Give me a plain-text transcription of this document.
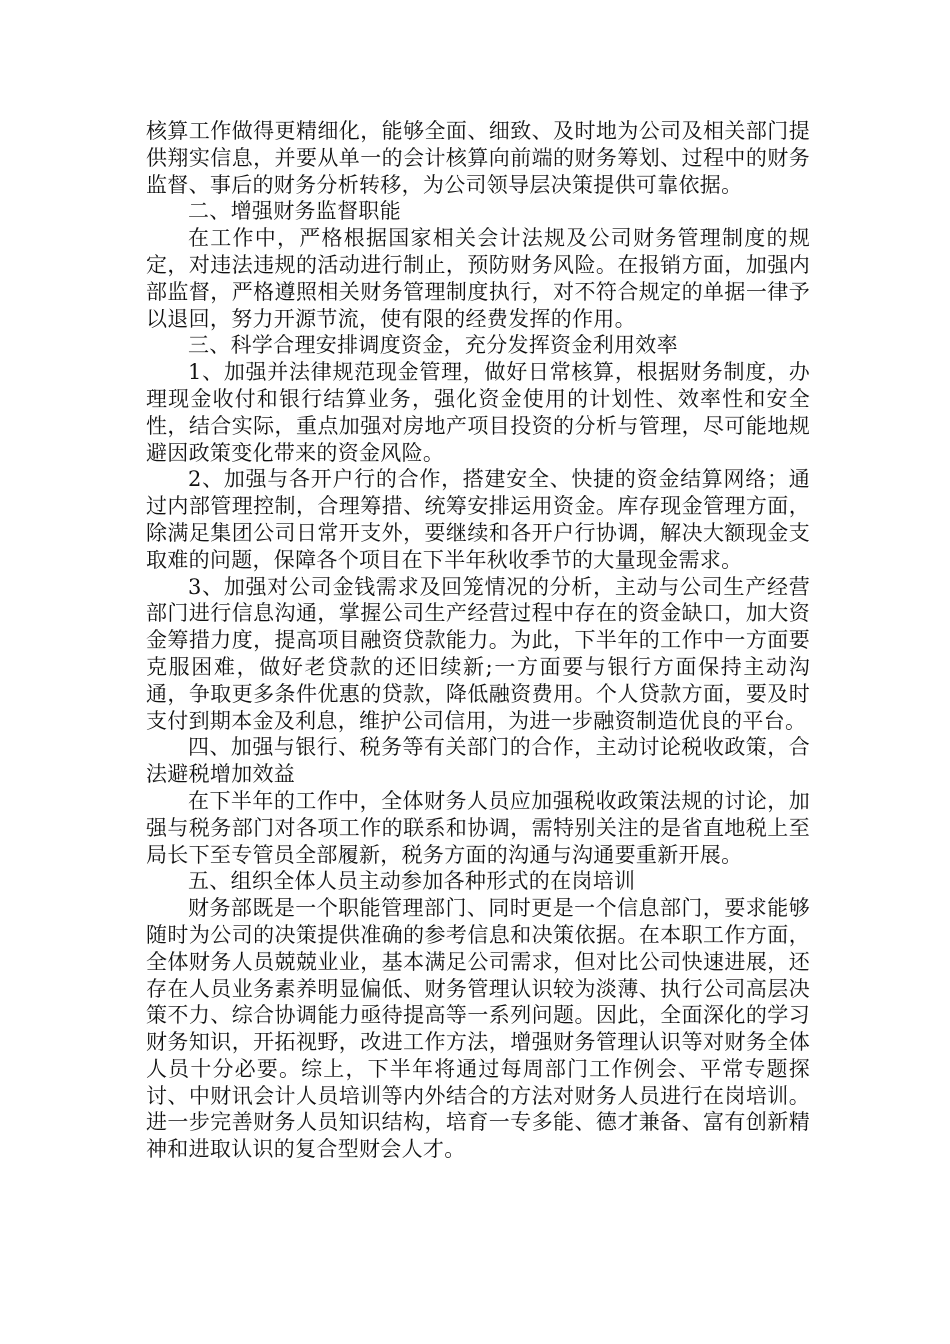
核算工作做得更精细化，能够全面、细致、及时地为公司及相关部门提供翔实信息，并要从单一的会计核算向前端的财务筹划、过程中的财务监督、事后的财务分析转移，为公司领导层决策提供可靠依据。

二、增强财务监督职能

在工作中，严格根据国家相关会计法规及公司财务管理制度的规定，对违法违规的活动进行制止，预防财务风险。在报销方面，加强内部监督，严格遵照相关财务管理制度执行，对不符合规定的单据一律予以退回，努力开源节流，使有限的经费发挥的作用。

三、科学合理安排调度资金，充分发挥资金利用效率

1、加强并法律规范现金管理，做好日常核算，根据财务制度，办理现金收付和银行结算业务，强化资金使用的计划性、效率性和安全性，结合实际，重点加强对房地产项目投资的分析与管理，尽可能地规避因政策变化带来的资金风险。

2、加强与各开户行的合作，搭建安全、快捷的资金结算网络；通过内部管理控制，合理筹措、统筹安排运用资金。库存现金管理方面，除满足集团公司日常开支外，要继续和各开户行协调，解决大额现金支取难的问题，保障各个项目在下半年秋收季节的大量现金需求。

3、加强对公司金钱需求及回笼情况的分析，主动与公司生产经营部门进行信息沟通，掌握公司生产经营过程中存在的资金缺口，加大资金筹措力度，提高项目融资贷款能力。为此，下半年的工作中一方面要克服困难，做好老贷款的还旧续新;一方面要与银行方面保持主动沟通，争取更多条件优惠的贷款，降低融资费用。个人贷款方面，要及时支付到期本金及利息，维护公司信用，为进一步融资制造优良的平台。

四、加强与银行、税务等有关部门的合作，主动讨论税收政策，合法避税增加效益

在下半年的工作中，全体财务人员应加强税收政策法规的讨论，加强与税务部门对各项工作的联系和协调，需特别关注的是省直地税上至局长下至专管员全部履新，税务方面的沟通与沟通要重新开展。

五、组织全体人员主动参加各种形式的在岗培训

财务部既是一个职能管理部门、同时更是一个信息部门，要求能够随时为公司的决策提供准确的参考信息和决策依据。在本职工作方面，全体财务人员兢兢业业，基本满足公司需求，但对比公司快速进展，还存在人员业务素养明显偏低、财务管理认识较为淡薄、执行公司高层决策不力、综合协调能力亟待提高等一系列问题。因此，全面深化的学习财务知识，开拓视野，改进工作方法，增强财务管理认识等对财务全体人员十分必要。综上，下半年将通过每周部门工作例会、平常专题探讨、中财讯会计人员培训等内外结合的方法对财务人员进行在岗培训。进一步完善财务人员知识结构，培育一专多能、德才兼备、富有创新精神和进取认识的复合型财会人才。
